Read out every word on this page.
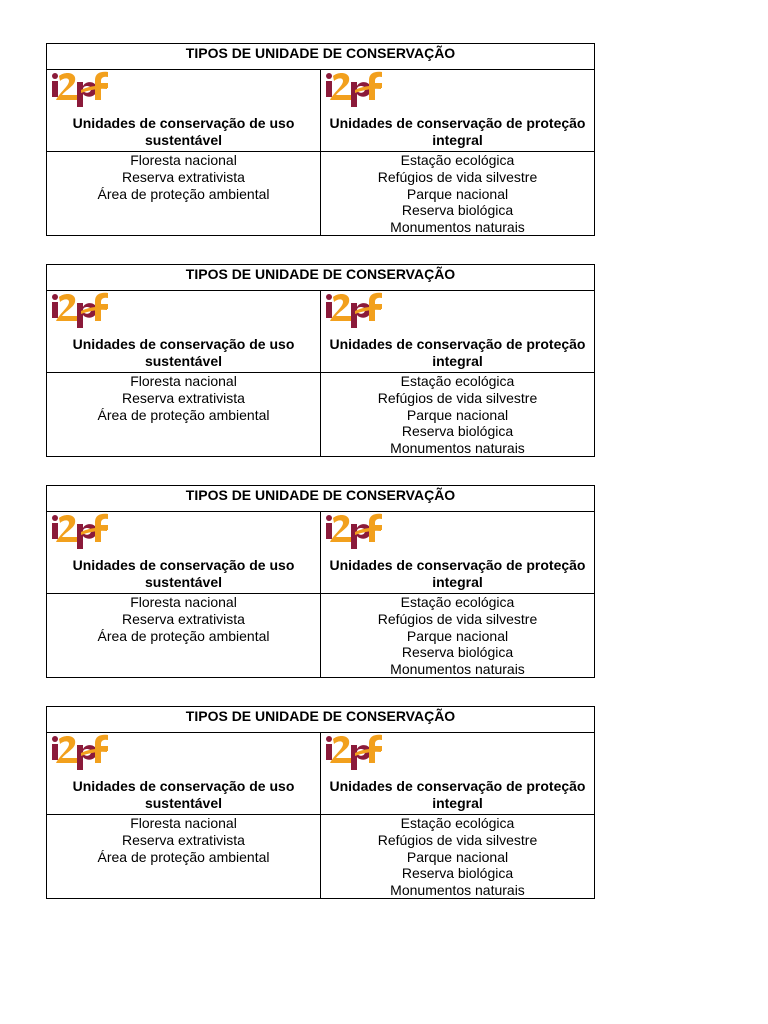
TIPOS DE UNIDADE DE CONSERVAÇÃO
Unidades de conservação de uso sustentável
Unidades de conservação de proteção integral
Floresta nacional
Reserva extrativista
Área de proteção ambiental
Estação ecológica
Refúgios de vida silvestre
Parque nacional
Reserva biológica
Monumentos naturais
TIPOS DE UNIDADE DE CONSERVAÇÃO
Unidades de conservação de uso sustentável
Unidades de conservação de proteção integral
Floresta nacional
Reserva extrativista
Área de proteção ambiental
Estação ecológica
Refúgios de vida silvestre
Parque nacional
Reserva biológica
Monumentos naturais
TIPOS DE UNIDADE DE CONSERVAÇÃO
Unidades de conservação de uso sustentável
Unidades de conservação de proteção integral
Floresta nacional
Reserva extrativista
Área de proteção ambiental
Estação ecológica
Refúgios de vida silvestre
Parque nacional
Reserva biológica
Monumentos naturais
TIPOS DE UNIDADE DE CONSERVAÇÃO
Unidades de conservação de uso sustentável
Unidades de conservação de proteção integral
Floresta nacional
Reserva extrativista
Área de proteção ambiental
Estação ecológica
Refúgios de vida silvestre
Parque nacional
Reserva biológica
Monumentos naturais
